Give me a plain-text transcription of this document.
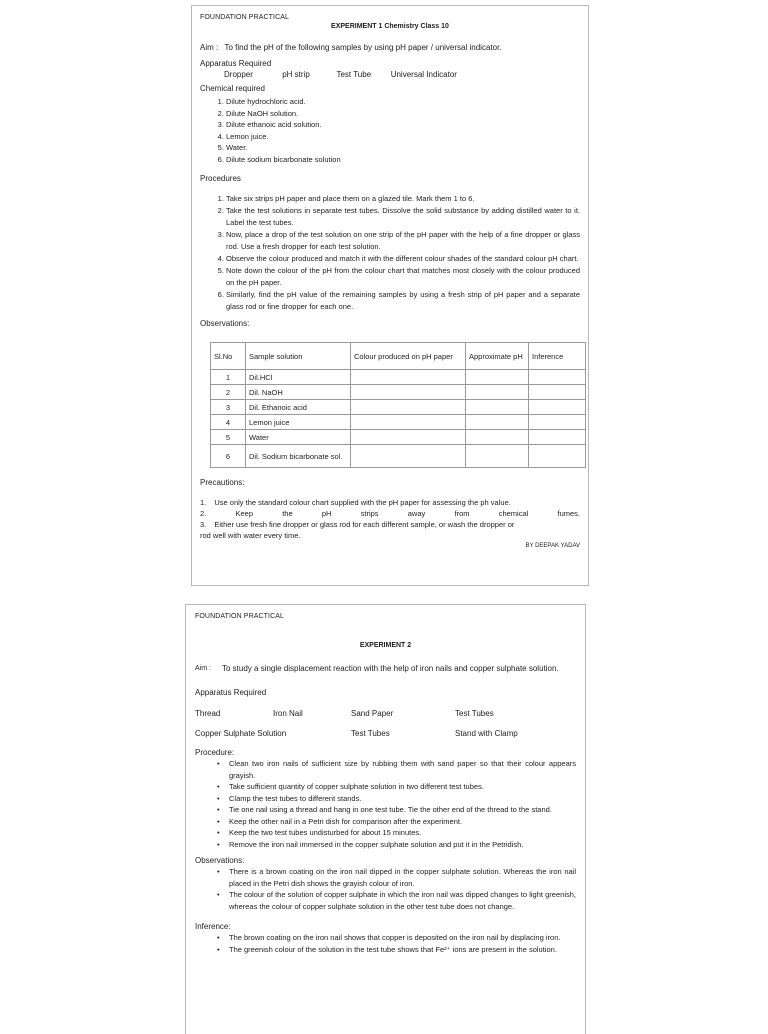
FOUNDATION PRACTICAL
EXPERIMENT 1 Chemistry Class 10
Aim : To find the pH of the following samples by using pH paper / universal indicator.
Apparatus Required
Dropper	pH strip	Test Tube Universal Indicator
Chemical required
1. Dilute hydrochloric acid.
2. Dilute NaOH solution.
3. Dilute ethanoic acid solution.
4. Lemon juice.
5. Water.
6. Dilute sodium bicarbonate solution
Procedures
1. Take six strips pH paper and place them on a glazed tile. Mark them 1 to 6.
2. Take the test solutions in separate test tubes. Dissolve the solid substance by adding distilled water to it. Label the test tubes.
3. Now, place a drop of the test solution on one strip of the pH paper with the help of a fine dropper or glass rod. Use a fresh dropper for each test solution.
4. Observe the colour produced and match it with the different colour shades of the standard colour pH chart.
5. Note down the colour of the pH from the colour chart that matches most closely with the colour produced on the pH paper.
6. Similarly, find the pH value of the remaining samples by using a fresh strip of pH paper and a separate glass rod or fine dropper for each one.
Observations:
Sl.No	Sample solution	Colour produced on pH paper	Approximate pH	Inference
1	Dil.HCl			
2	Dil. NaOH			
3	Dil. Ethanoic acid			
4	Lemon juice			
5	Water			
6	Dil. Sodium bicarbonate sol.			
Precautions:
1. Use only the standard colour chart supplied with the pH paper for assessing the ph value.
2.	Keep	the	pH	strips	away	from	chemical	fumes.
3. Either use fresh fine dropper or glass rod for each different sample, or wash the dropper or
rod well with water every time.
BY DEEPAK YADAV
FOUNDATION PRACTICAL
EXPERIMENT 2
Aim :	To study a single displacement reaction with the help of iron nails and copper sulphate solution.
Apparatus Required
Thread	Iron Nail	Sand Paper	Test Tubes
Copper Sulphate Solution	Test Tubes	Stand with Clamp
Procedure:
• Clean two iron nails of sufficient size by rubbing them with sand paper so that their colour appears grayish.
• Take sufficient quantity of copper sulphate solution in two different test tubes.
• Clamp the test tubes to different stands.
• Tie one nail using a thread and hang in one test tube. Tie the other end of the thread to the stand.
• Keep the other nail in a Petri dish for comparison after the experiment.
• Keep the two test tubes undisturbed for about 15 minutes.
• Remove the iron nail immersed in the copper sulphate solution and put it in the Petridish.
Observations:
• There is a brown coating on the iron nail dipped in the copper sulphate solution. Whereas the iron nail placed in the Petri dish shows the grayish colour of iron.
• The colour of the solution of copper sulphate in which the iron nail was dipped changes to light greenish, whereas the colour of copper sulphate solution in the other test tube does not change.
Inference:
• The brown coating on the iron nail shows that copper is deposited on the iron nail by displacing iron.
• The greenish colour of the solution in the test tube shows that Fe²⁺ ions are present in the solution.
